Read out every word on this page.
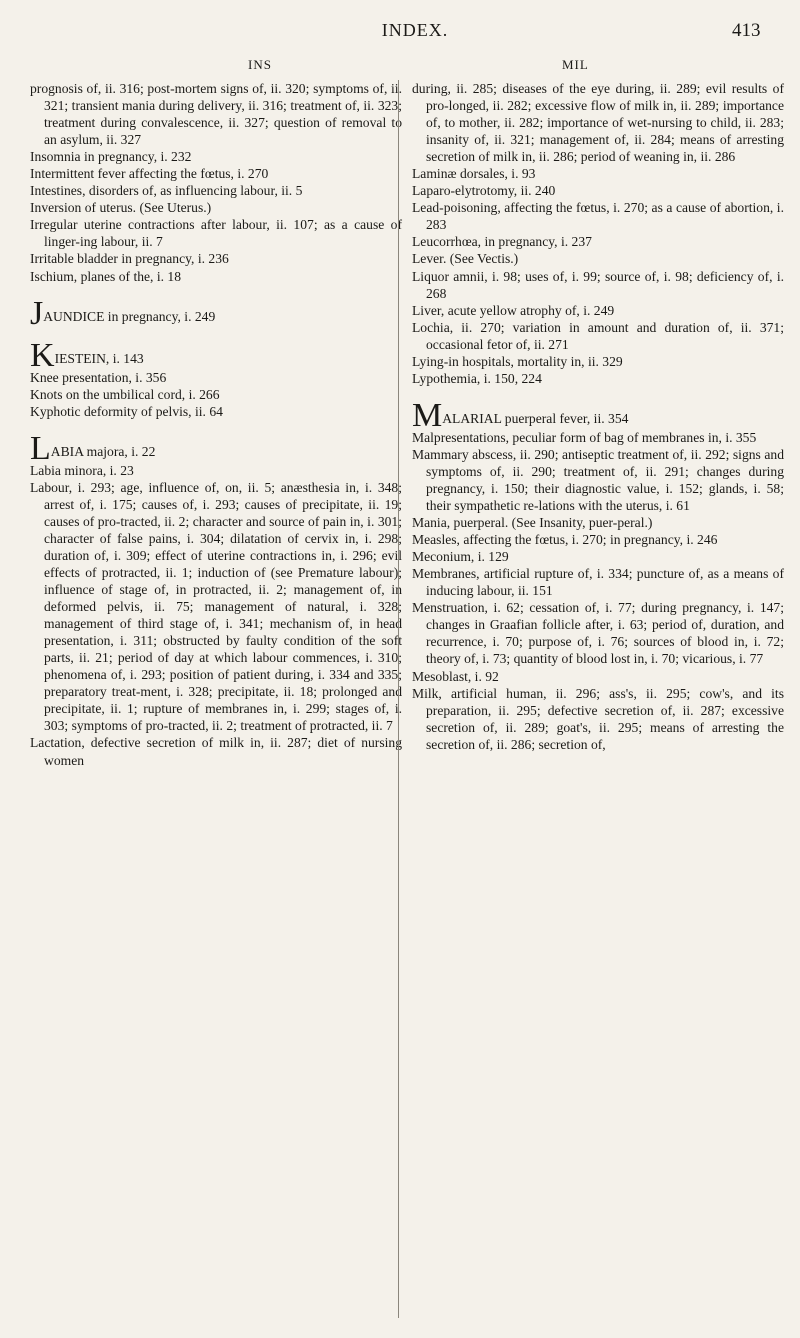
INDEX.	413
INS	MIL
prognosis of, ii. 316; post-mortem signs of, ii. 320; symptoms of, ii. 321; transient mania during delivery, ii. 316; treatment of, ii. 323; treatment during convalescence, ii. 327; question of removal to an asylum, ii. 327
Insomnia in pregnancy, i. 232
Intermittent fever affecting the fœtus, i. 270
Intestines, disorders of, as influencing labour, ii. 5
Inversion of uterus. (See Uterus.)
Irregular uterine contractions after labour, ii. 107; as a cause of linger-ing labour, ii. 7
Irritable bladder in pregnancy, i. 236
Ischium, planes of the, i. 18
JAUNDICE in pregnancy, i. 249
KIESTEIN, i. 143
Knee presentation, i. 356
Knots on the umbilical cord, i. 266
Kyphotic deformity of pelvis, ii. 64
LABIA majora, i. 22
Labia minora, i. 23
Labour, i. 293; age, influence of, on, ii. 5; anæsthesia in, i. 348; arrest of, i. 175; causes of, i. 293; causes of precipitate, ii. 19; causes of pro-tracted, ii. 2; character and source of pain in, i. 301; character of false pains, i. 304; dilatation of cervix in, i. 298; duration of, i. 309; effect of uterine contractions in, i. 296; evil effects of protracted, ii. 1; induction of (see Premature labour); influence of stage of, in protracted, ii. 2; management of, in deformed pelvis, ii. 75; management of natural, i. 328; management of third stage of, i. 341; mechanism of, in head presentation, i. 311; obstructed by faulty condition of the soft parts, ii. 21; period of day at which labour commences, i. 310; phenomena of, i. 293; position of patient during, i. 334 and 335; preparatory treat-ment, i. 328; precipitate, ii. 18; prolonged and precipitate, ii. 1; rupture of membranes in, i. 299; stages of, i. 303; symptoms of pro-tracted, ii. 2; treatment of protracted, ii. 7
Lactation, defective secretion of milk in, ii. 287; diet of nursing women
during, ii. 285; diseases of the eye during, ii. 289; evil results of pro-longed, ii. 282; excessive flow of milk in, ii. 289; importance of, to mother, ii. 282; importance of wet-nursing to child, ii. 283; insanity of, ii. 321; management of, ii. 284; means of arresting secretion of milk in, ii. 286; period of weaning in, ii. 286
Laminæ dorsales, i. 93
Laparo-elytrotomy, ii. 240
Lead-poisoning, affecting the fœtus, i. 270; as a cause of abortion, i. 283
Leucorrhœa, in pregnancy, i. 237
Lever. (See Vectis.)
Liquor amnii, i. 98; uses of, i. 99; source of, i. 98; deficiency of, i. 268
Liver, acute yellow atrophy of, i. 249
Lochia, ii. 270; variation in amount and duration of, ii. 371; occasional fetor of, ii. 271
Lying-in hospitals, mortality in, ii. 329
Lypothemia, i. 150, 224
MALARIAL puerperal fever, ii. 354
Malpresentations, peculiar form of bag of membranes in, i. 355
Mammary abscess, ii. 290; antiseptic treatment of, ii. 292; signs and symptoms of, ii. 290; treatment of, ii. 291; changes during pregnancy, i. 150; their diagnostic value, i. 152; glands, i. 58; their sympathetic re-lations with the uterus, i. 61
Mania, puerperal. (See Insanity, puer-peral.)
Measles, affecting the fœtus, i. 270; in pregnancy, i. 246
Meconium, i. 129
Membranes, artificial rupture of, i. 334; puncture of, as a means of inducing labour, ii. 151
Menstruation, i. 62; cessation of, i. 77; during pregnancy, i. 147; changes in Graafian follicle after, i. 63; period of, duration, and recurrence, i. 70; purpose of, i. 76; sources of blood in, i. 72; theory of, i. 73; quantity of blood lost in, i. 70; vicarious, i. 77
Mesoblast, i. 92
Milk, artificial human, ii. 296; ass's, ii. 295; cow's, and its preparation, ii. 295; defective secretion of, ii. 287; excessive secretion of, ii. 289; goat's, ii. 295; means of arresting the secretion of, ii. 286; secretion of,
